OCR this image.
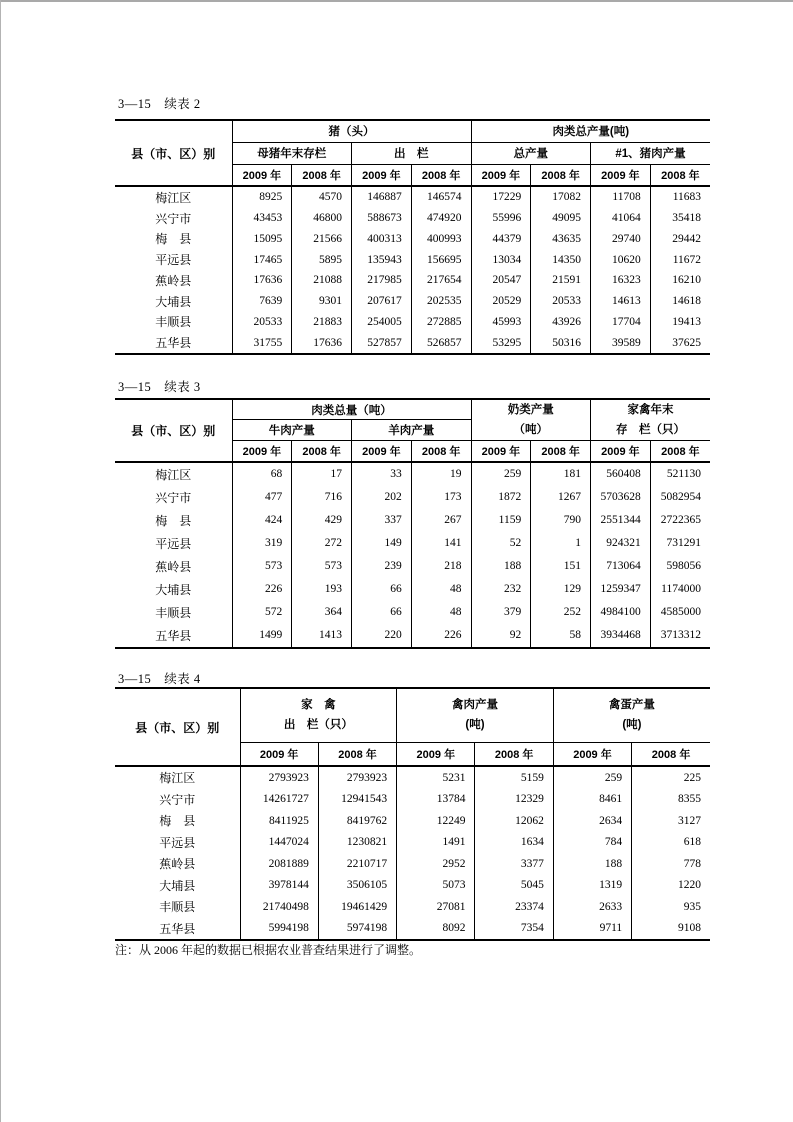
3—15　续表 2
县（市、区）别	猪（头）				肉类总产量(吨)			
	母猪年末存栏		出　栏		总产量		#1、猪肉产量	
	2009 年	2008 年	2009 年	2008 年	2009 年	2008 年	2009 年	2008 年
梅江区	8925	4570	146887	146574	17229	17082	11708	11683
兴宁市	43453	46800	588673	474920	55996	49095	41064	35418
梅　县	15095	21566	400313	400993	44379	43635	29740	29442
平远县	17465	5895	135943	156695	13034	14350	10620	11672
蕉岭县	17636	21088	217985	217654	20547	21591	16323	16210
大埔县	7639	9301	207617	202535	20529	20533	14613	14618
丰顺县	20533	21883	254005	272885	45993	43926	17704	19413
五华县	31755	17636	527857	526857	53295	50316	39589	37625
3—15　续表 3
县（市、区）别	肉类总量（吨）				奶类产量
（吨）		家禽年末
存　栏（只）	

	牛肉产量		羊肉产量					
	2009 年	2008 年	2009 年	2008 年	2009 年	2008 年	2009 年	2008 年
梅江区	68	17	33	19	259	181	560408	521130
兴宁市	477	716	202	173	1872	1267	5703628	5082954
梅　县	424	429	337	267	1159	790	2551344	2722365
平远县	319	272	149	141	52	1	924321	731291
蕉岭县	573	573	239	218	188	151	713064	598056
大埔县	226	193	66	48	232	129	1259347	1174000
丰顺县	572	364	66	48	379	252	4984100	4585000
五华县	1499	1413	220	226	92	58	3934468	3713312
3—15　续表 4
县（市、区）别	家　禽
出　栏（只）		禽肉产量
(吨)		禽蛋产量
(吨)	

	2009 年	2008 年	2009 年	2008 年	2009 年	2008 年
梅江区	2793923	2793923	5231	5159	259	225
兴宁市	14261727	12941543	13784	12329	8461	8355
梅　县	8411925	8419762	12249	12062	2634	3127
平远县	1447024	1230821	1491	1634	784	618
蕉岭县	2081889	2210717	2952	3377	188	778
大埔县	3978144	3506105	5073	5045	1319	1220
丰顺县	21740498	19461429	27081	23374	2633	935
五华县	5994198	5974198	8092	7354	9711	9108
注：从 2006 年起的数据已根据农业普查结果进行了调整。
